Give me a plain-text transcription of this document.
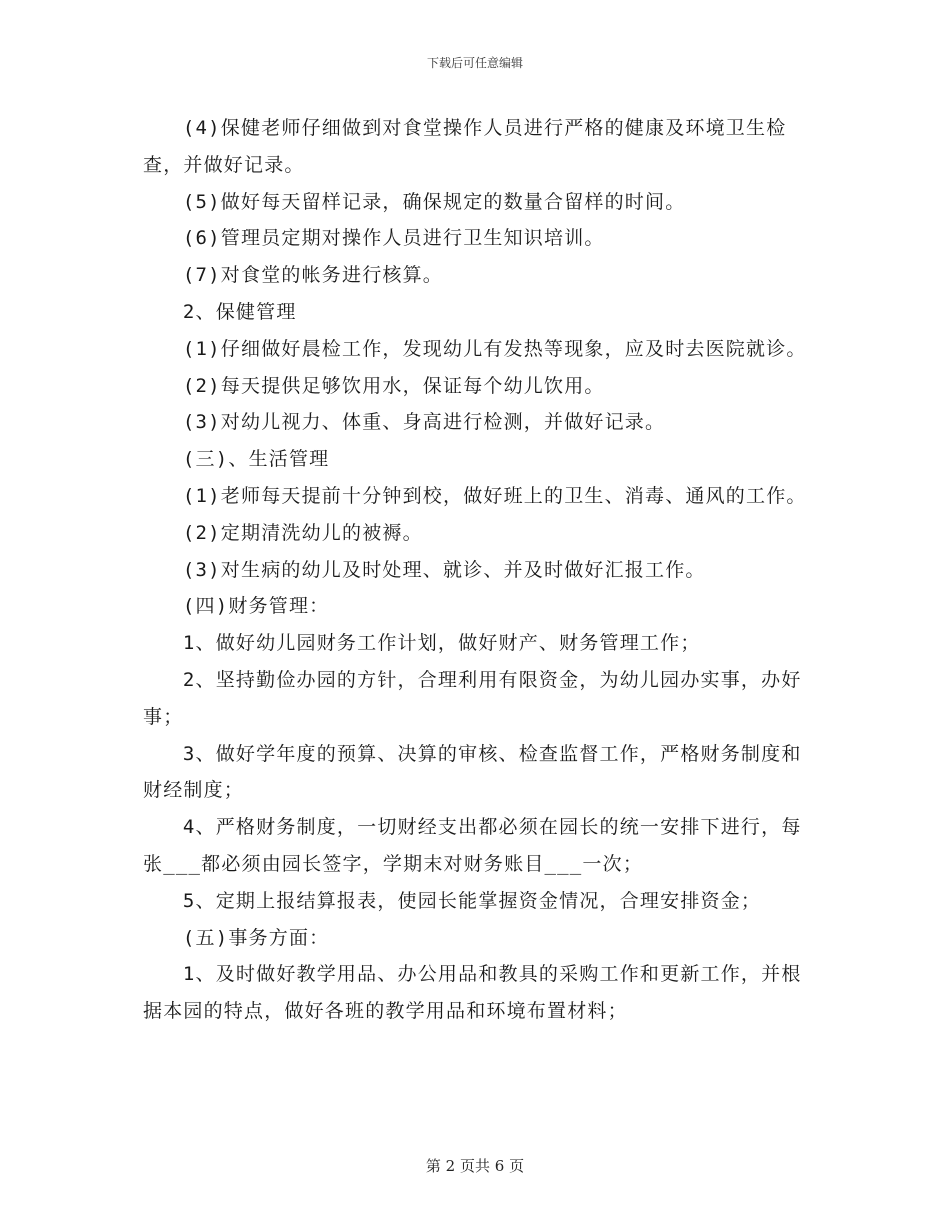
下载后可任意编辑

(4)保健老师仔细做到对食堂操作人员进行严格的健康及环境卫生检查，并做好记录。

(5)做好每天留样记录，确保规定的数量合留样的时间。

(6)管理员定期对操作人员进行卫生知识培训。

(7)对食堂的帐务进行核算。

2、保健管理

(1)仔细做好晨检工作，发现幼儿有发热等现象，应及时去医院就诊。

(2)每天提供足够饮用水，保证每个幼儿饮用。

(3)对幼儿视力、体重、身高进行检测，并做好记录。

(三)、生活管理

(1)老师每天提前十分钟到校，做好班上的卫生、消毒、通风的工作。

(2)定期清洗幼儿的被褥。

(3)对生病的幼儿及时处理、就诊、并及时做好汇报工作。

(四)财务管理：

1、做好幼儿园财务工作计划，做好财产、财务管理工作；

2、坚持勤俭办园的方针，合理利用有限资金，为幼儿园办实事，办好事；

3、做好学年度的预算、决算的审核、检查监督工作，严格财务制度和财经制度；

4、严格财务制度，一切财经支出都必须在园长的统一安排下进行，每张___都必须由园长签字，学期末对财务账目___一次；

5、定期上报结算报表，使园长能掌握资金情况，合理安排资金；

(五)事务方面：

1、及时做好教学用品、办公用品和教具的采购工作和更新工作，并根据本园的特点，做好各班的教学用品和环境布置材料；

第 2 页共 6 页
